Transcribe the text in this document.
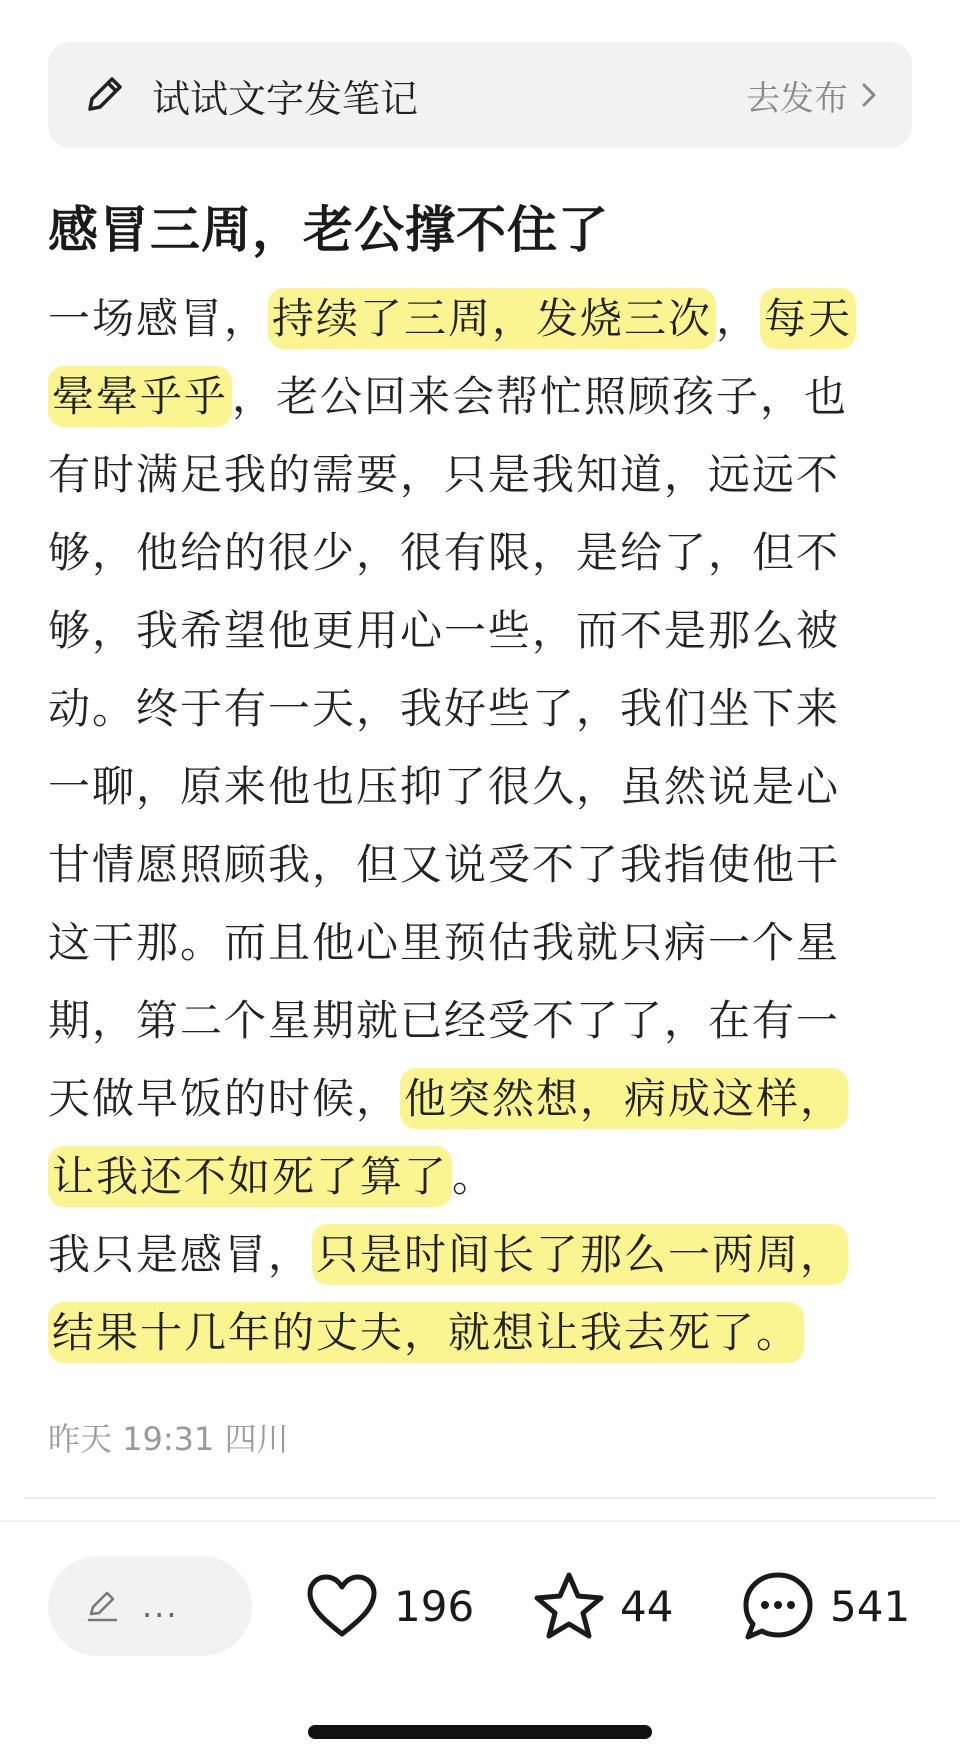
试试文字发笔记	去发布
感冒三周，老公撑不住了
一场感冒，持续了三周，发烧三次，每天
晕晕乎乎，老公回来会帮忙照顾孩子，也
有时满足我的需要，只是我知道，远远不
够，他给的很少，很有限，是给了，但不
够，我希望他更用心一些，而不是那么被
动。终于有一天，我好些了，我们坐下来
一聊，原来他也压抑了很久，虽然说是心
甘情愿照顾我，但又说受不了我指使他干
这干那。而且他心里预估我就只病一个星
期，第二个星期就已经受不了了，在有一
天做早饭的时候，他突然想，病成这样，
让我还不如死了算了。
我只是感冒，只是时间长了那么一两周，
结果十几年的丈夫，就想让我去死了。
昨天 19:31 四川
...	196	44	541
